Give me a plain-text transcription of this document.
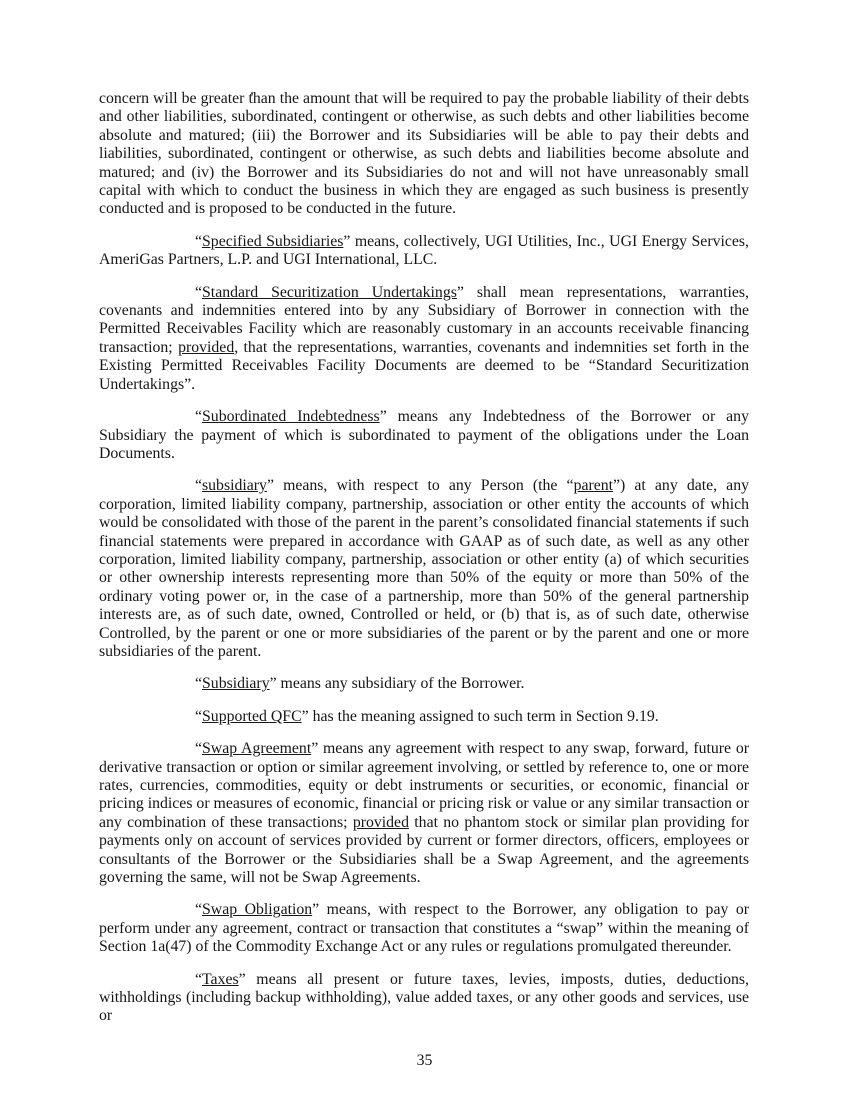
concern will be greater than the amount that will be required to pay the probable liability of their debts and other liabilities, subordinated, contingent or otherwise, as such debts and other liabilities become absolute and matured; (iii) the Borrower and its Subsidiaries will be able to pay their debts and liabilities, subordinated, contingent or otherwise, as such debts and liabilities become absolute and matured; and (iv) the Borrower and its Subsidiaries do not and will not have unreasonably small capital with which to conduct the business in which they are engaged as such business is presently conducted and is proposed to be conducted in the future.

“Specified Subsidiaries” means, collectively, UGI Utilities, Inc., UGI Energy Services, AmeriGas Partners, L.P. and UGI International, LLC.

“Standard Securitization Undertakings” shall mean representations, warranties, covenants and indemnities entered into by any Subsidiary of Borrower in connection with the Permitted Receivables Facility which are reasonably customary in an accounts receivable financing transaction; provided, that the representations, warranties, covenants and indemnities set forth in the Existing Permitted Receivables Facility Documents are deemed to be “Standard Securitization Undertakings”.

“Subordinated Indebtedness” means any Indebtedness of the Borrower or any Subsidiary the payment of which is subordinated to payment of the obligations under the Loan Documents.

“subsidiary” means, with respect to any Person (the “parent”) at any date, any corporation, limited liability company, partnership, association or other entity the accounts of which would be consolidated with those of the parent in the parent’s consolidated financial statements if such financial statements were prepared in accordance with GAAP as of such date, as well as any other corporation, limited liability company, partnership, association or other entity (a) of which securities or other ownership interests representing more than 50% of the equity or more than 50% of the ordinary voting power or, in the case of a partnership, more than 50% of the general partnership interests are, as of such date, owned, Controlled or held, or (b) that is, as of such date, otherwise Controlled, by the parent or one or more subsidiaries of the parent or by the parent and one or more subsidiaries of the parent.

“Subsidiary” means any subsidiary of the Borrower.

“Supported QFC” has the meaning assigned to such term in Section 9.19.

“Swap Agreement” means any agreement with respect to any swap, forward, future or derivative transaction or option or similar agreement involving, or settled by reference to, one or more rates, currencies, commodities, equity or debt instruments or securities, or economic, financial or pricing indices or measures of economic, financial or pricing risk or value or any similar transaction or any combination of these transactions; provided that no phantom stock or similar plan providing for payments only on account of services provided by current or former directors, officers, employees or consultants of the Borrower or the Subsidiaries shall be a Swap Agreement, and the agreements governing the same, will not be Swap Agreements.

“Swap Obligation” means, with respect to the Borrower, any obligation to pay or perform under any agreement, contract or transaction that constitutes a “swap” within the meaning of Section 1a(47) of the Commodity Exchange Act or any rules or regulations promulgated thereunder.

“Taxes” means all present or future taxes, levies, imposts, duties, deductions, withholdings (including backup withholding), value added taxes, or any other goods and services, use or

35
